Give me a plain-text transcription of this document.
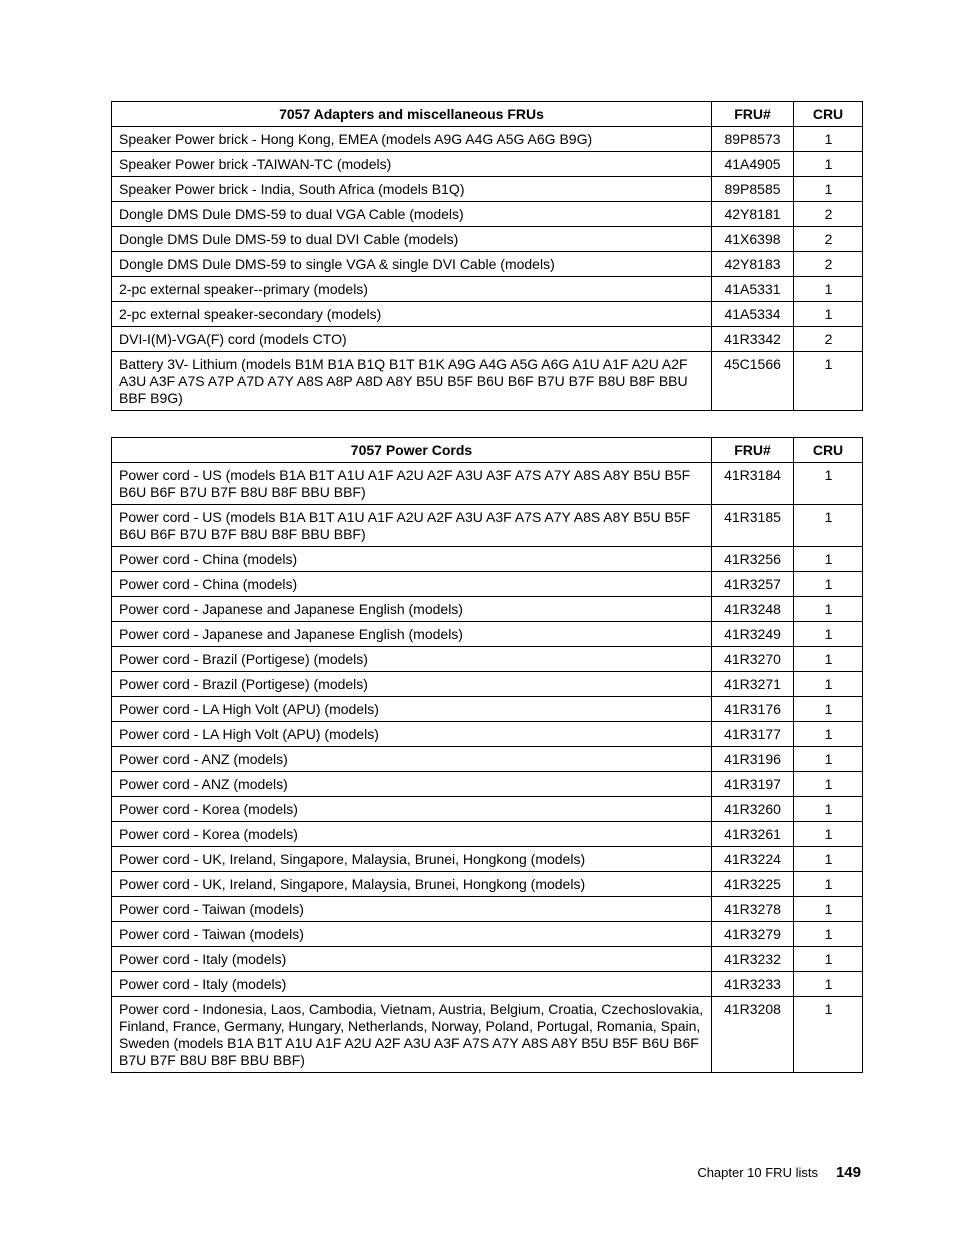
7057 Adapters and miscellaneous FRUs	FRU#	CRU
Speaker Power brick - Hong Kong, EMEA (models A9G A4G A5G A6G B9G)	89P8573	1
Speaker Power brick -TAIWAN-TC (models)	41A4905	1
Speaker Power brick - India, South Africa (models B1Q)	89P8585	1
Dongle DMS Dule DMS-59 to dual VGA Cable (models)	42Y8181	2
Dongle DMS Dule DMS-59 to dual DVI Cable (models)	41X6398	2
Dongle DMS Dule DMS-59 to single VGA & single DVI Cable (models)	42Y8183	2
2-pc external speaker--primary (models)	41A5331	1
2-pc external speaker-secondary (models)	41A5334	1
DVI-I(M)-VGA(F) cord (models CTO)	41R3342	2
Battery 3V- Lithium (models B1M B1A B1Q B1T B1K A9G A4G A5G A6G A1U A1F A2U A2F A3U A3F A7S A7P A7D A7Y A8S A8P A8D A8Y B5U B5F B6U B6F B7U B7F B8U B8F BBU BBF B9G)	45C1566	1
7057 Power Cords	FRU#	CRU
Power cord - US (models B1A B1T A1U A1F A2U A2F A3U A3F A7S A7Y A8S A8Y B5U B5F B6U B6F B7U B7F B8U B8F BBU BBF)	41R3184	1
Power cord - US (models B1A B1T A1U A1F A2U A2F A3U A3F A7S A7Y A8S A8Y B5U B5F B6U B6F B7U B7F B8U B8F BBU BBF)	41R3185	1
Power cord - China (models)	41R3256	1
Power cord - China (models)	41R3257	1
Power cord - Japanese and Japanese English (models)	41R3248	1
Power cord - Japanese and Japanese English (models)	41R3249	1
Power cord - Brazil (Portigese) (models)	41R3270	1
Power cord - Brazil (Portigese) (models)	41R3271	1
Power cord - LA High Volt (APU) (models)	41R3176	1
Power cord - LA High Volt (APU) (models)	41R3177	1
Power cord - ANZ (models)	41R3196	1
Power cord - ANZ (models)	41R3197	1
Power cord - Korea (models)	41R3260	1
Power cord - Korea (models)	41R3261	1
Power cord - UK, Ireland, Singapore, Malaysia, Brunei, Hongkong (models)	41R3224	1
Power cord - UK, Ireland, Singapore, Malaysia, Brunei, Hongkong (models)	41R3225	1
Power cord - Taiwan (models)	41R3278	1
Power cord - Taiwan (models)	41R3279	1
Power cord - Italy (models)	41R3232	1
Power cord - Italy (models)	41R3233	1
Power cord - Indonesia, Laos, Cambodia, Vietnam, Austria, Belgium, Croatia, Czechoslovakia, Finland, France, Germany, Hungary, Netherlands, Norway, Poland, Portugal, Romania, Spain, Sweden (models B1A B1T A1U A1F A2U A2F A3U A3F A7S A7Y A8S A8Y B5U B5F B6U B6F B7U B7F B8U B8F BBU BBF)	41R3208	1
Chapter 10 FRU lists 149
